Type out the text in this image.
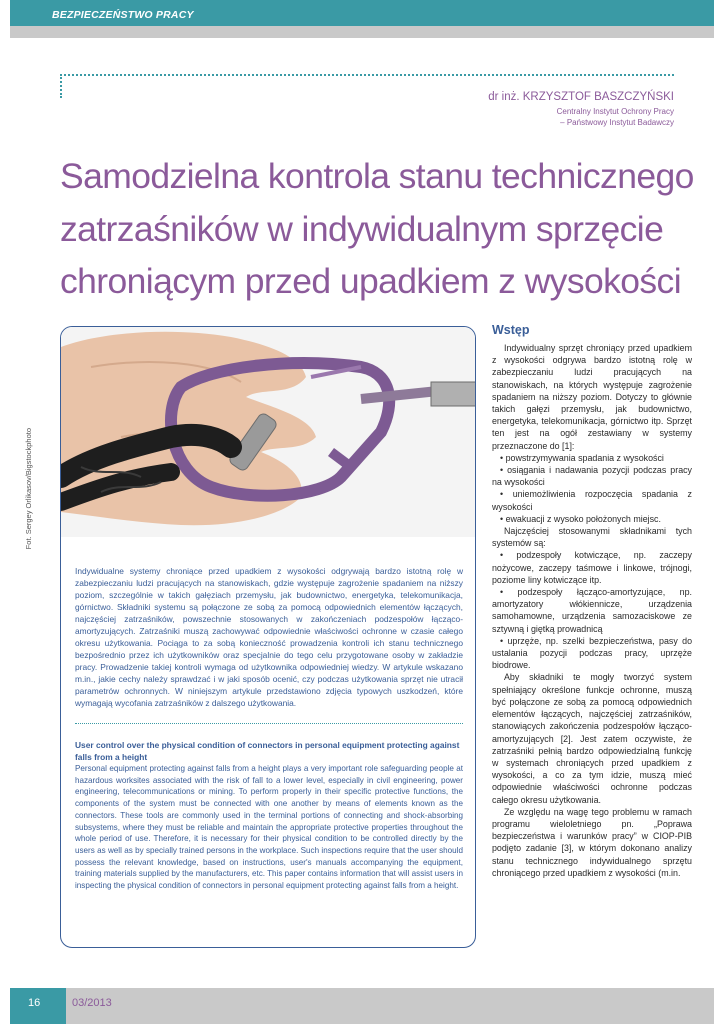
BEZPIECZEŃSTWO PRACY
dr inż. KRZYSZTOF BASZCZYŃSKI
Centralny Instytut Ochrony Pracy
– Państwowy Instytut Badawczy
Samodzielna kontrola stanu technicznego zatrzaśników w indywidualnym sprzęcie chroniącym przed upadkiem z wysokości
Fot. Sergey Orlikasov/Bigstockphoto
Indywidualne systemy chroniące przed upadkiem z wysokości odgrywają bardzo istotną rolę w zabezpieczaniu ludzi pracujących na stanowiskach, gdzie występuje zagrożenie spadaniem na niższy poziom, szczególnie w takich gałęziach przemysłu, jak budownictwo, energetyka, telekomunikacja, górnictwo. Składniki systemu są połączone ze sobą za pomocą odpowiednich elementów łączących, najczęściej zatrzaśników, powszechnie stosowanych w zakończeniach podzespołów łącząco-amortyzujących. Zatrzaśniki muszą zachowywać odpowiednie właściwości ochronne w czasie całego okresu użytkowania. Pociąga to za sobą konieczność prowadzenia kontroli ich stanu technicznego bezpośrednio przez ich użytkowników oraz specjalnie do tego celu przygotowane osoby w zakładzie pracy. Prowadzenie takiej kontroli wymaga od użytkownika odpowiedniej wiedzy. W artykule wskazano m.in., jakie cechy należy sprawdzać i w jaki sposób ocenić, czy podczas użytkowania sprzęt nie utracił parametrów ochronnych. W niniejszym artykule przedstawiono zdjęcia typowych uszkodzeń, które wymagają wycofania zatrzaśników z dalszego użytkowania.
User control over the physical condition of connectors in personal equipment protecting against falls from a height
Personal equipment protecting against falls from a height plays a very important role safeguarding people at hazardous worksites associated with the risk of fall to a lower level, especially in civil engineering, power engineering, telecommunications or mining. To perform properly in their specific protective functions, the components of the system must be connected with one another by means of elements known as the connectors. These tools are commonly used in the terminal portions of connecting and shock-absorbing subsystems, where they must be reliable and maintain the appropriate protective properties throughout the whole period of use. Therefore, it is necessary for their physical condition to be controlled directly by the users as well as by specially trained persons in the workplace. Such inspections require that the user should possess the relevant knowledge, based on instructions, user's manuals accompanying the equipment, training materials supplied by the manufacturers, etc. This paper contains information that will assist users in inspecting the physical condition of connectors in personal equipment protecting against falls from a height.
Wstęp

Indywidualny sprzęt chroniący przed upadkiem z wysokości odgrywa bardzo istotną rolę w zabezpieczaniu ludzi pracujących na stanowiskach, na których występuje zagrożenie spadaniem na niższy poziom. Dotyczy to głównie takich gałęzi przemysłu, jak budownictwo, energetyka, telekomunikacja, górnictwo itp. Sprzęt ten jest na ogół zestawiany w systemy przeznaczone do [1]:

• powstrzymywania spadania z wysokości

• osiągania i nadawania pozycji podczas pracy na wysokości

• uniemożliwienia rozpoczęcia spadania z wysokości

• ewakuacji z wysoko położonych miejsc.

Najczęściej stosowanymi składnikami tych systemów są:

• podzespoły kotwiczące, np. zaczepy nożycowe, zaczepy taśmowe i linkowe, trójnogi, poziome liny kotwiczące itp.

• podzespoły łącząco-amortyzujące, np. amortyzatory włókiennicze, urządzenia samohamowne, urządzenia samozaciskowe ze sztywną i giętką prowadnicą

• uprzęże, np. szelki bezpieczeństwa, pasy do ustalania pozycji podczas pracy, uprzęże biodrowe.

Aby składniki te mogły tworzyć system spełniający określone funkcje ochronne, muszą być połączone ze sobą za pomocą odpowiednich elementów łączących, najczęściej zatrzaśników, stanowiących zakończenia podzespołów łącząco-amortyzujących [2]. Jest zatem oczywiste, że zatrzaśniki pełnią bardzo odpowiedzialną funkcję w systemach chroniących przed upadkiem z wysokości, a co za tym idzie, muszą mieć odpowiednie właściwości ochronne podczas całego okresu użytkowania.

Ze względu na wagę tego problemu w ramach programu wieloletniego pn. „Poprawa bezpieczeństwa i warunków pracy” w CIOP-PIB podjęto zadanie [3], w którym dokonano analizy stanu technicznego indywidualnego sprzętu chroniącego przed upadkiem z wysokości (m.in.

16	03/2013
